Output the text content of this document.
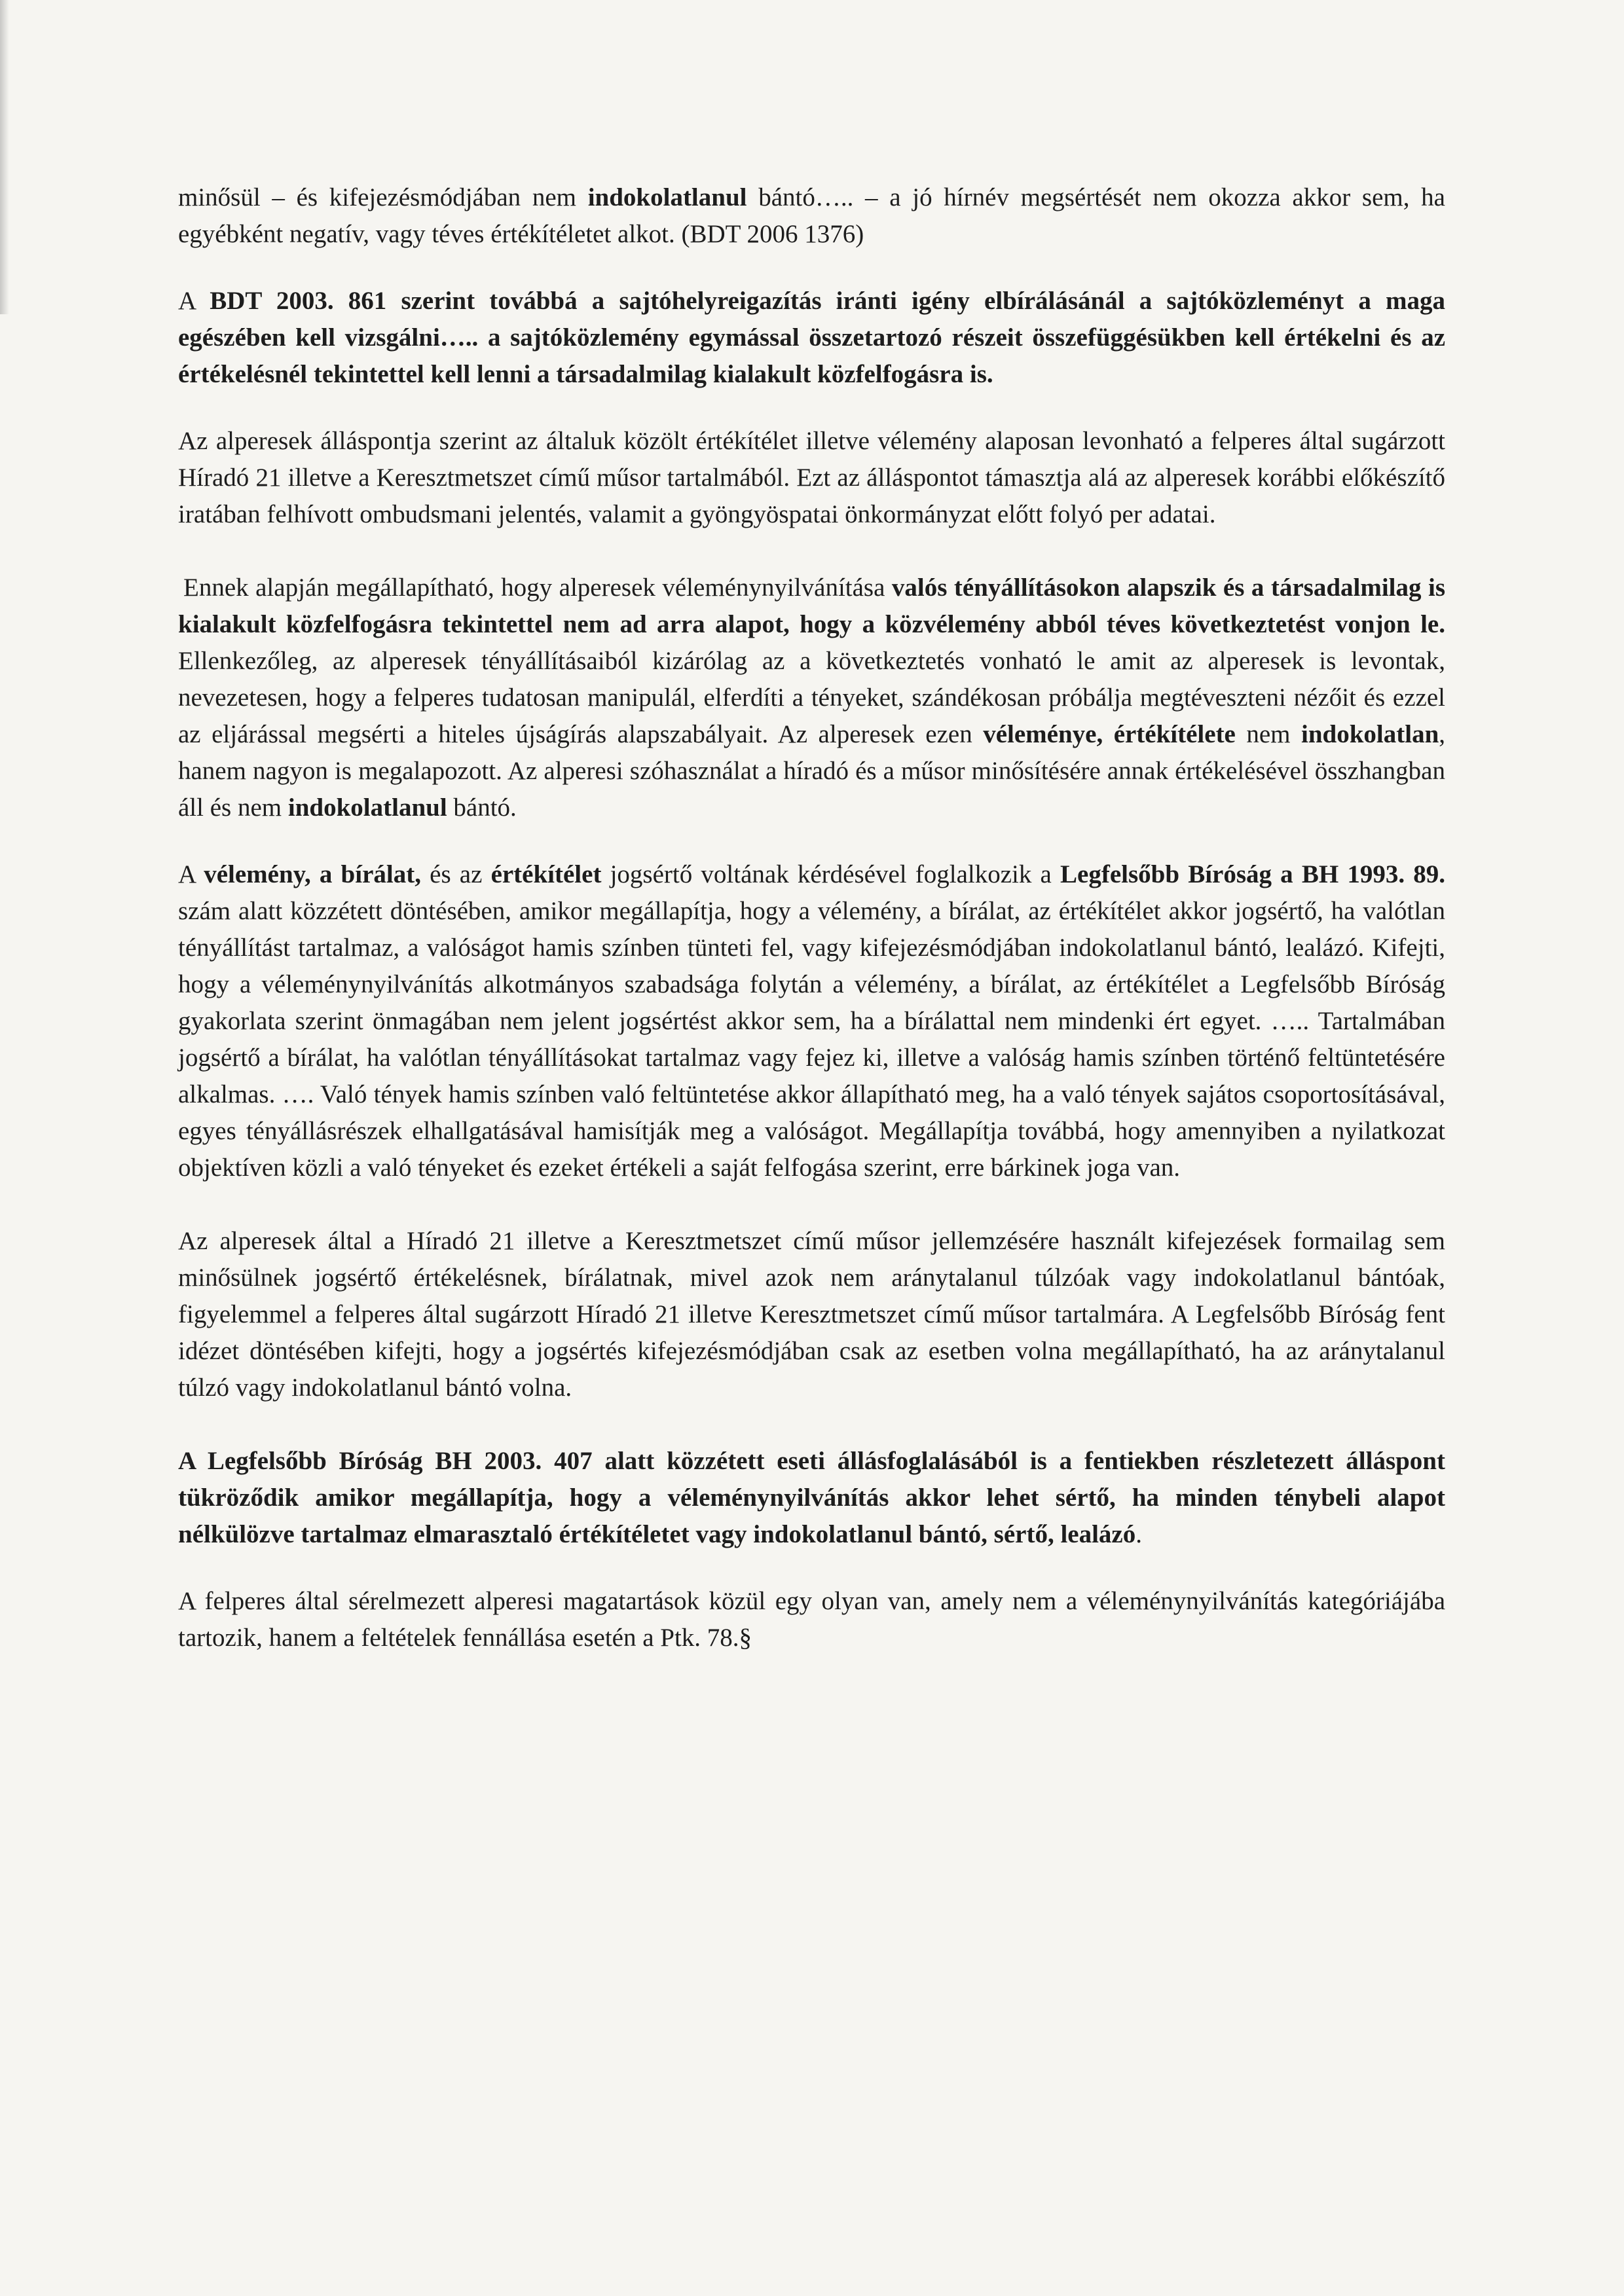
minősül – és kifejezésmódjában nem indokolatlanul bántó….. – a jó hírnév megsértését nem okozza akkor sem, ha egyébként negatív, vagy téves értékítéletet alkot. (BDT 2006 1376)

A BDT 2003. 861 szerint továbbá a sajtóhelyreigazítás iránti igény elbírálásánál a sajtóközleményt a maga egészében kell vizsgálni….. a sajtóközlemény egymással összetartozó részeit összefüggésükben kell értékelni és az értékelésnél tekintettel kell lenni a társadalmilag kialakult közfelfogásra is.

Az alperesek álláspontja szerint az általuk közölt értékítélet illetve vélemény alaposan levonható a felperes által sugárzott Híradó 21 illetve a Keresztmetszet című műsor tartalmából. Ezt az álláspontot támasztja alá az alperesek korábbi előkészítő iratában felhívott ombudsmani jelentés, valamit a gyöngyöspatai önkormányzat előtt folyó per adatai.

Ennek alapján megállapítható, hogy alperesek véleménynyilvánítása valós tényállításokon alapszik és a társadalmilag is kialakult közfelfogásra tekintettel nem ad arra alapot, hogy a közvélemény abból téves következtetést vonjon le. Ellenkezőleg, az alperesek tényállításaiból kizárólag az a következtetés vonható le amit az alperesek is levontak, nevezetesen, hogy a felperes tudatosan manipulál, elferdíti a tényeket, szándékosan próbálja megtéveszteni nézőit és ezzel az eljárással megsérti a hiteles újságírás alapszabályait. Az alperesek ezen véleménye, értékítélete nem indokolatlan, hanem nagyon is megalapozott. Az alperesi szóhasználat a híradó és a műsor minősítésére annak értékelésével összhangban áll és nem indokolatlanul bántó.

A vélemény, a bírálat, és az értékítélet jogsértő voltának kérdésével foglalkozik a Legfelsőbb Bíróság a BH 1993. 89. szám alatt közzétett döntésében, amikor megállapítja, hogy a vélemény, a bírálat, az értékítélet akkor jogsértő, ha valótlan tényállítást tartalmaz, a valóságot hamis színben tünteti fel, vagy kifejezésmódjában indokolatlanul bántó, lealázó. Kifejti, hogy a véleménynyilvánítás alkotmányos szabadsága folytán a vélemény, a bírálat, az értékítélet a Legfelsőbb Bíróság gyakorlata szerint önmagában nem jelent jogsértést akkor sem, ha a bírálattal nem mindenki ért egyet. ….. Tartalmában jogsértő a bírálat, ha valótlan tényállításokat tartalmaz vagy fejez ki, illetve a valóság hamis színben történő feltüntetésére alkalmas. …. Való tények hamis színben való feltüntetése akkor állapítható meg, ha a való tények sajátos csoportosításával, egyes tényállásrészek elhallgatásával hamisítják meg a valóságot. Megállapítja továbbá, hogy amennyiben a nyilatkozat objektíven közli a való tényeket és ezeket értékeli a saját felfogása szerint, erre bárkinek joga van.

Az alperesek által a Híradó 21 illetve a Keresztmetszet című műsor jellemzésére használt kifejezések formailag sem minősülnek jogsértő értékelésnek, bírálatnak, mivel azok nem aránytalanul túlzóak vagy indokolatlanul bántóak, figyelemmel a felperes által sugárzott Híradó 21 illetve Keresztmetszet című műsor tartalmára. A Legfelsőbb Bíróság fent idézet döntésében kifejti, hogy a jogsértés kifejezésmódjában csak az esetben volna megállapítható, ha az aránytalanul túlzó vagy indokolatlanul bántó volna.

A Legfelsőbb Bíróság BH 2003. 407 alatt közzétett eseti állásfoglalásából is a fentiekben részletezett álláspont tükröződik amikor megállapítja, hogy a véleménynyilvánítás akkor lehet sértő, ha minden ténybeli alapot nélkülözve tartalmaz elmarasztaló értékítéletet vagy indokolatlanul bántó, sértő, lealázó.

A felperes által sérelmezett alperesi magatartások közül egy olyan van, amely nem a véleménynyilvánítás kategóriájába tartozik, hanem a feltételek fennállása esetén a Ptk. 78.§
